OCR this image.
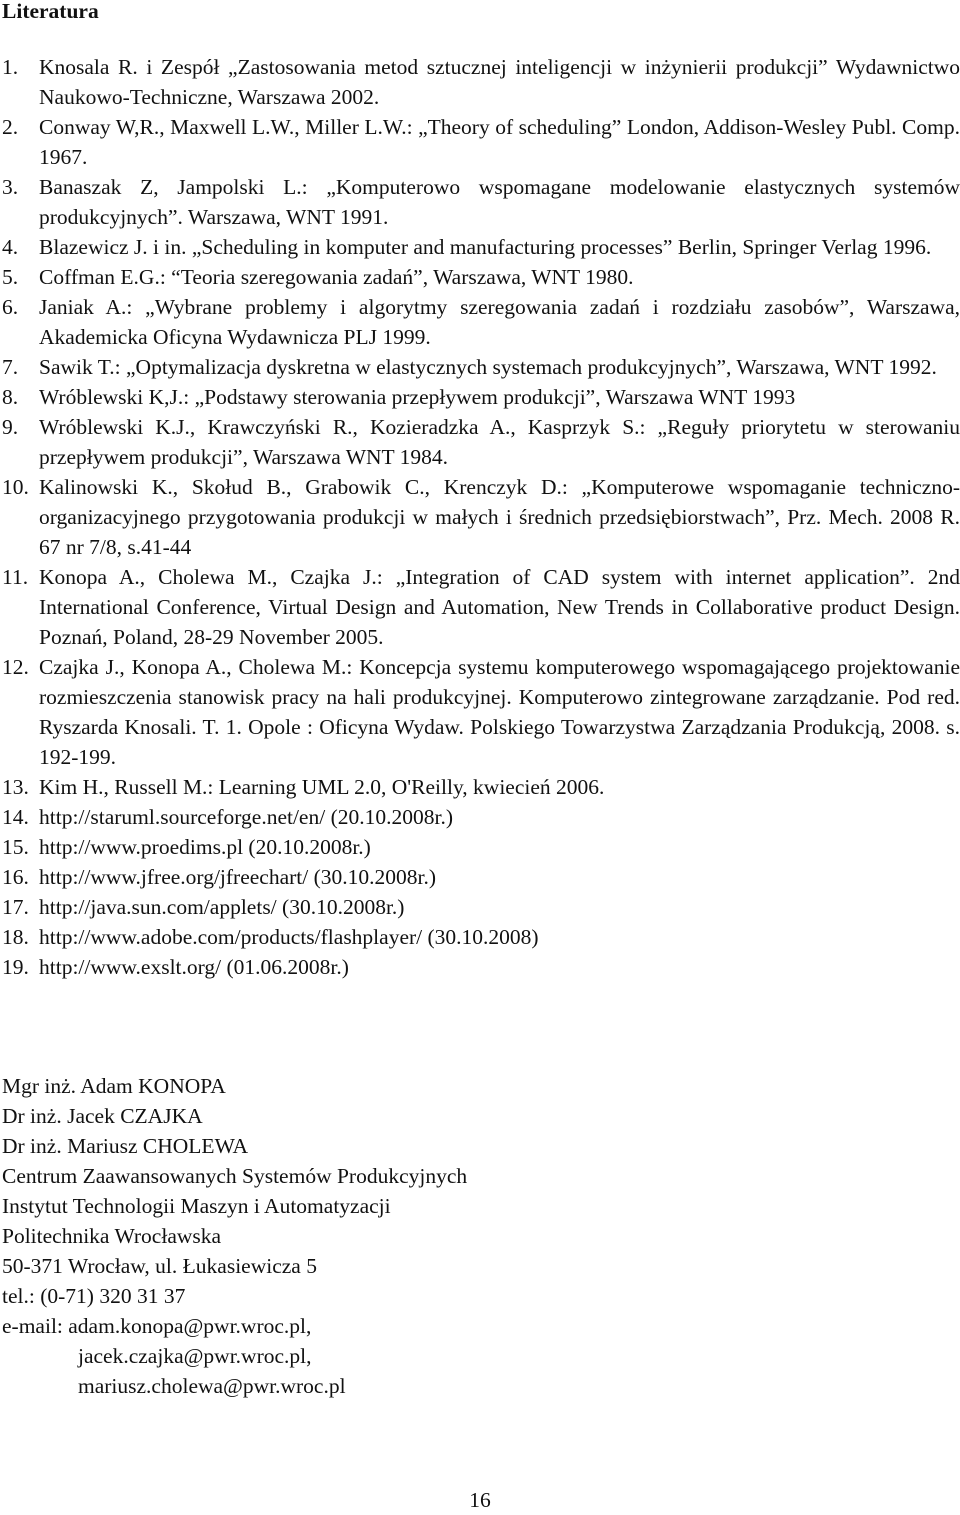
Literatura
1. Knosala R. i Zespół „Zastosowania metod sztucznej inteligencji w inżynierii produkcji” Wydawnictwo Naukowo-Techniczne, Warszawa 2002.
2. Conway W,R., Maxwell L.W., Miller L.W.: „Theory of scheduling” London, Addison-Wesley Publ. Comp. 1967.
3. Banaszak Z, Jampolski L.: „Komputerowo wspomagane modelowanie elastycznych systemów produkcyjnych”. Warszawa, WNT 1991.
4. Blazewicz J. i in. „Scheduling in komputer and manufacturing processes” Berlin, Springer Verlag 1996.
5. Coffman E.G.: “Teoria szeregowania zadań”, Warszawa, WNT 1980.
6. Janiak A.: „Wybrane problemy i algorytmy szeregowania zadań i rozdziału zasobów”, Warszawa, Akademicka Oficyna Wydawnicza PLJ 1999.
7. Sawik T.: „Optymalizacja dyskretna w elastycznych systemach produkcyjnych”, Warszawa, WNT 1992.
8. Wróblewski K,J.: „Podstawy sterowania przepływem produkcji”, Warszawa WNT 1993
9. Wróblewski K.J., Krawczyński R., Kozieradzka A., Kasprzyk S.: „Reguły priorytetu w sterowaniu przepływem produkcji”, Warszawa WNT 1984.
10. Kalinowski K., Skołud B., Grabowik C., Krenczyk D.: „Komputerowe wspomaganie techniczno-organizacyjnego przygotowania produkcji w małych i średnich przedsiębiorstwach”, Prz. Mech. 2008 R. 67 nr 7/8, s.41-44
11. Konopa A., Cholewa M., Czajka J.: „Integration of CAD system with internet application”. 2nd International Conference, Virtual Design and Automation, New Trends in Collaborative product Design. Poznań, Poland, 28-29 November 2005.
12. Czajka J., Konopa A., Cholewa M.: Koncepcja systemu komputerowego wspomagającego projektowanie rozmieszczenia stanowisk pracy na hali produkcyjnej. Komputerowo zintegrowane zarządzanie. Pod red. Ryszarda Knosali. T. 1. Opole : Oficyna Wydaw. Polskiego Towarzystwa Zarządzania Produkcją, 2008. s. 192-199.
13. Kim H., Russell M.: Learning UML 2.0, O'Reilly, kwiecień 2006.
14. http://staruml.sourceforge.net/en/ (20.10.2008r.)
15. http://www.proedims.pl (20.10.2008r.)
16. http://www.jfree.org/jfreechart/ (30.10.2008r.)
17. http://java.sun.com/applets/ (30.10.2008r.)
18. http://www.adobe.com/products/flashplayer/ (30.10.2008)
19. http://www.exslt.org/ (01.06.2008r.)
Mgr inż. Adam KONOPA
Dr inż. Jacek CZAJKA
Dr inż. Mariusz CHOLEWA
Centrum Zaawansowanych Systemów Produkcyjnych
Instytut Technologii Maszyn i Automatyzacji
Politechnika Wrocławska
50-371 Wrocław, ul. Łukasiewicza 5
tel.: (0-71) 320 31 37
e-mail: adam.konopa@pwr.wroc.pl,
jacek.czajka@pwr.wroc.pl,
mariusz.cholewa@pwr.wroc.pl
16
